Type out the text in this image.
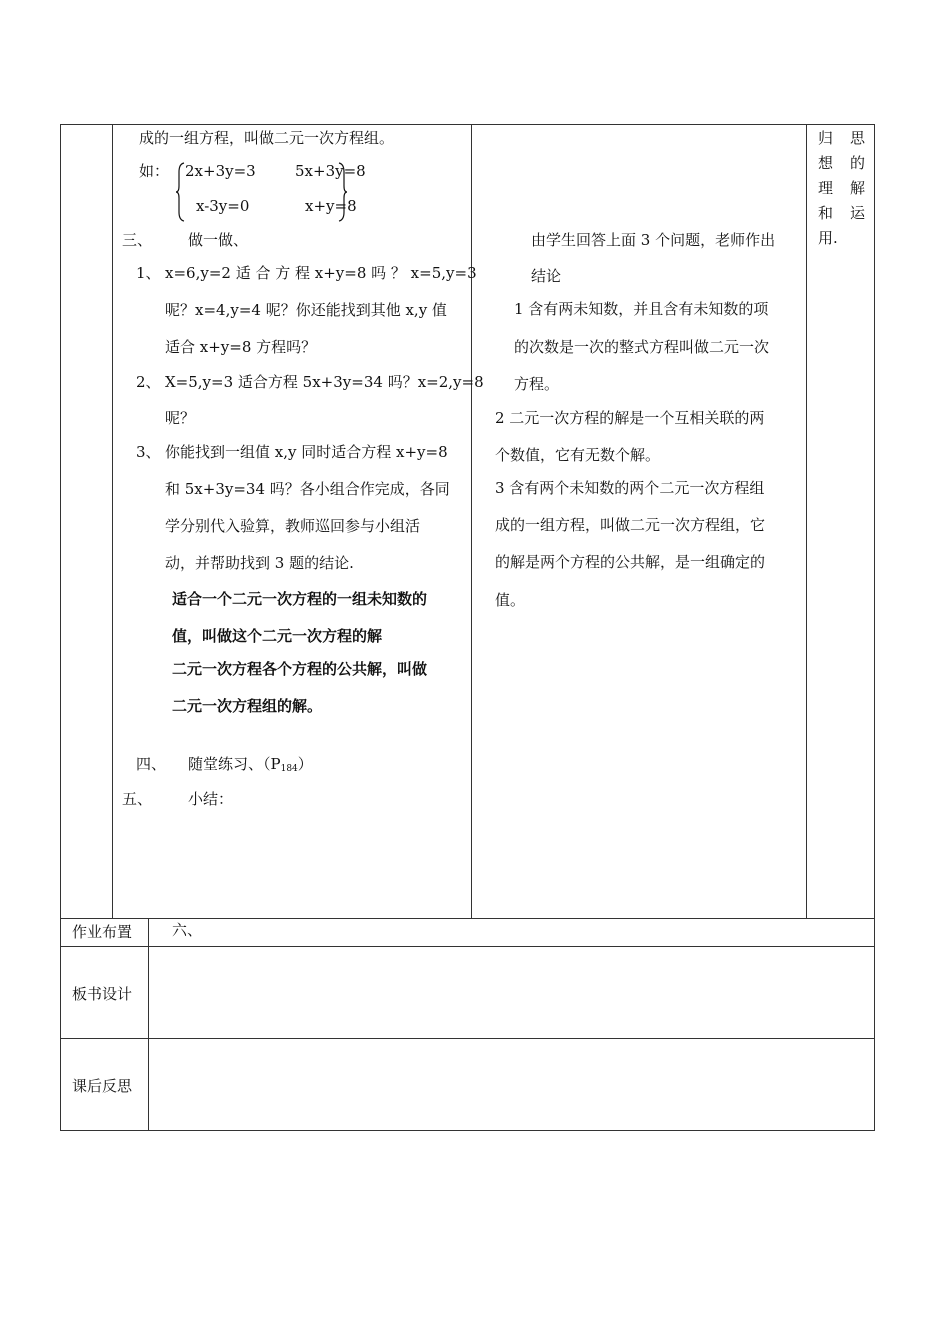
成的一组方程，叫做二元一次方程组。
如： 2x+3y=3
x-3y=0
5x+3y=8
x+y=8
三、 做一做、
1、 x=6,y=2 适 合 方 程 x+y=8 吗 ？ x=5,y=3
呢？x=4,y=4 呢？你还能找到其他 x,y 值
适合 x+y=8 方程吗？
2、 X=5,y=3 适合方程 5x+3y=34 吗？x=2,y=8
呢？
3、 你能找到一组值 x,y 同时适合方程 x+y=8
和 5x+3y=34 吗？各小组合作完成，各同
学分别代入验算，教师巡回参与小组活
动，并帮助找到 3 题的结论.
适合一个二元一次方程的一组未知数的
值，叫做这个二元一次方程的解
二元一次方程各个方程的公共解，叫做
二元一次方程组的解。
四、 随堂练习、$(P_{184})$
五、 小结：
由学生回答上面 3 个问题，老师作出
结论
1 含有两未知数，并且含有未知数的项
的次数是一次的整式方程叫做二元一次
方程。
2 二元一次方程的解是一个互相关联的两
个数值，它有无数个解。
3 含有两个未知数的两个二元一次方程组
成的一组方程，叫做二元一次方程组，它
的解是两个方程的公共解，是一组确定的
值。
归
想
理
和
用.
思
的
解
运
作业布置	六、
板书设计
课后反思
